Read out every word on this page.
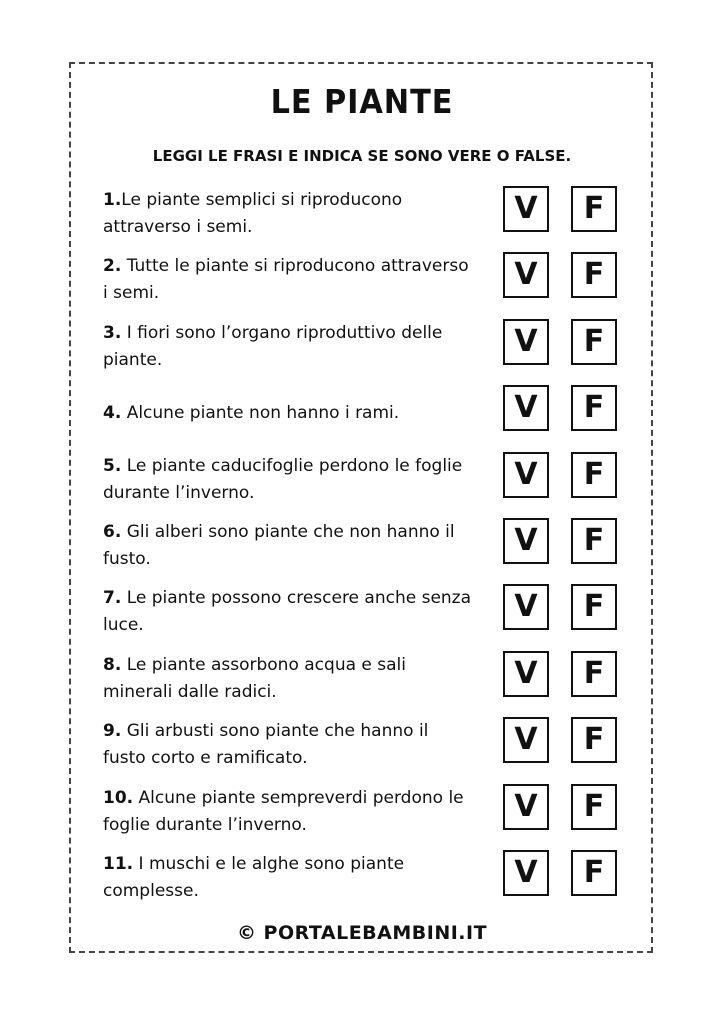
LE PIANTE

LEGGI LE FRASI E INDICA SE SONO VERE O FALSE.

1.Le piante semplici si riproducono attraverso i semi.
V	F
2. Tutte le piante si riproducono attraverso i semi.
V	F
3. I fiori sono l’organo riproduttivo delle piante.
V	F
4. Alcune piante non hanno i rami.	V	F
5. Le piante caducifoglie perdono le foglie durante l’inverno.
V	F
6. Gli alberi sono piante che non hanno il fusto.
V	F
7. Le piante possono crescere anche senza luce.
V	F
8. Le piante assorbono acqua e sali minerali dalle radici.
V	F
9. Gli arbusti sono piante che hanno il fusto corto e ramificato.
V	F
10. Alcune piante sempreverdi perdono le foglie durante l’inverno.
V	F
11. I muschi e le alghe sono piante complesse.
V	F

© PORTALEBAMBINI.IT
